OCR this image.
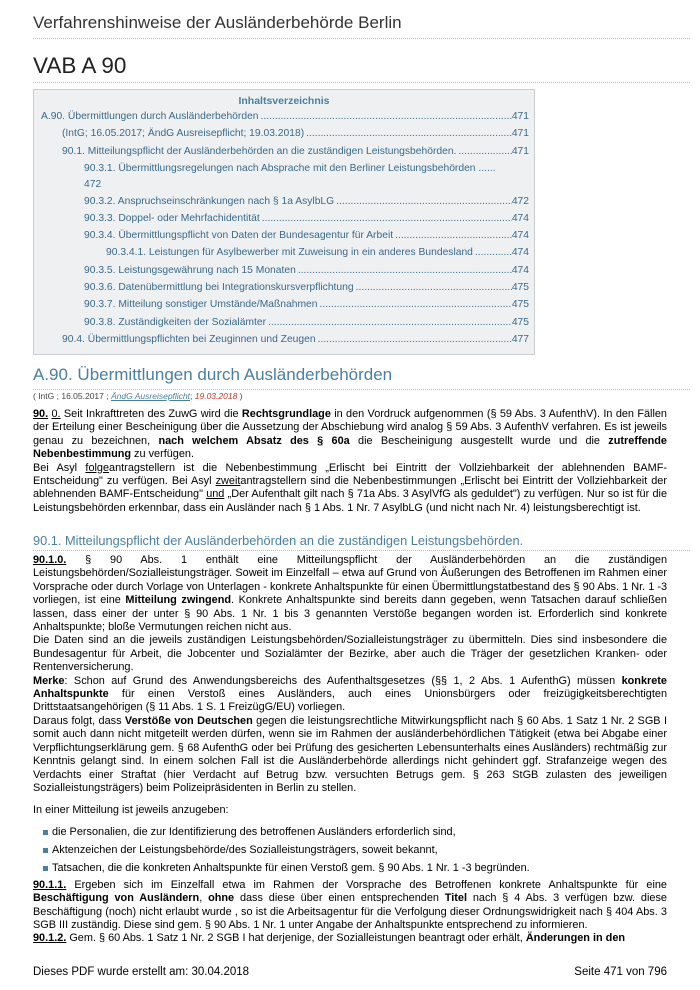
Verfahrenshinweise der Ausländerbehörde Berlin
VAB A 90
Inhaltsverzeichnis
A.90. Übermittlungen durch Ausländerbehörden .....	471
(IntG; 16.05.2017; ÄndG Ausreisepflicht; 19.03.2018) .....	471
90.1. Mitteilungspflicht der Ausländerbehörden an die zuständigen Leistungsbehörden. .....	471
90.3.1. Übermittlungsregelungen nach Absprache mit den Berliner Leistungsbehörden ......
472
90.3.2. Anspruchseinschränkungen nach § 1a AsylbLG .....	472
90.3.3. Doppel- oder Mehrfachidentität .....	474
90.3.4. Übermittlungspflicht von Daten der Bundesagentur für Arbeit .....	474
90.3.4.1. Leistungen für Asylbewerber mit Zuweisung in ein anderes Bundesland .....	474
90.3.5. Leistungsgewährung nach 15 Monaten .....	474
90.3.6. Datenübermittlung bei Integrationskursverpflichtung .....	475
90.3.7. Mitteilung sonstiger Umstände/Maßnahmen .....	475
90.3.8. Zuständigkeiten der Sozialämter .....	475
90.4. Übermittlungspflichten bei Zeuginnen und Zeugen .....	477
A.90. Übermittlungen durch Ausländerbehörden
( IntG ; 16.05.2017 ; ÄndG Ausreisepflicht; 19.03.2018 )
90. 0. Seit Inkrafttreten des ZuwG wird die Rechtsgrundlage in den Vordruck aufgenommen (§ 59 Abs. 3 AufenthV). In den Fällen der Erteilung einer Bescheinigung über die Aussetzung der Abschiebung wird analog § 59 Abs. 3 AufenthV verfahren. Es ist jeweils genau zu bezeichnen, nach welchem Absatz des § 60a die Bescheinigung ausgestellt wurde und die zutreffende Nebenbestimmung zu verfügen.
Bei Asyl folgeantragstellern ist die Nebenbestimmung „Erlischt bei Eintritt der Vollziehbarkeit der ablehnenden BAMF-Entscheidung" zu verfügen. Bei Asyl zweitantragstellern sind die Nebenbestimmungen „Erlischt bei Eintritt der Vollziehbarkeit der ablehnenden BAMF-Entscheidung" und „Der Aufenthalt gilt nach § 71a Abs. 3 AsylVfG als geduldet") zu verfügen. Nur so ist für die Leistungsbehörden erkennbar, dass ein Ausländer nach § 1 Abs. 1 Nr. 7 AsylbLG (und nicht nach Nr. 4) leistungsberechtigt ist.
90.1. Mitteilungspflicht der Ausländerbehörden an die zuständigen Leistungsbehörden.
90.1.0. § 90 Abs. 1 enthält eine Mitteilungspflicht der Ausländerbehörden an die zuständigen Leistungsbehörden/Sozialleistungsträger. Soweit im Einzelfall – etwa auf Grund von Äußerungen des Betroffenen im Rahmen einer Vorsprache oder durch Vorlage von Unterlagen - konkrete Anhaltspunkte für einen Übermittlungstatbestand des § 90 Abs. 1 Nr. 1 -3 vorliegen, ist eine Mitteilung zwingend. Konkrete Anhaltspunkte sind bereits dann gegeben, wenn Tatsachen darauf schließen lassen, dass einer der unter § 90 Abs. 1 Nr. 1 bis 3 genannten Verstöße begangen worden ist. Erforderlich sind konkrete Anhaltspunkte; bloße Vermutungen reichen nicht aus.
Die Daten sind an die jeweils zuständigen Leistungsbehörden/Sozialleistungsträger zu übermitteln. Dies sind insbesondere die Bundesagentur für Arbeit, die Jobcenter und Sozialämter der Bezirke, aber auch die Träger der gesetzlichen Kranken- oder Rentenversicherung.
Merke: Schon auf Grund des Anwendungsbereichs des Aufenthaltsgesetzes (§§ 1, 2 Abs. 1 AufenthG) müssen konkrete Anhaltspunkte für einen Verstoß eines Ausländers, auch eines Unionsbürgers oder freizügigkeitsberechtigten Drittstaatsangehörigen (§ 11 Abs. 1 S. 1 FreizügG/EU) vorliegen.
Daraus folgt, dass Verstöße von Deutschen gegen die leistungsrechtliche Mitwirkungspflicht nach § 60 Abs. 1 Satz 1 Nr. 2 SGB I somit auch dann nicht mitgeteilt werden dürfen, wenn sie im Rahmen der ausländerbehördlichen Tätigkeit (etwa bei Abgabe einer Verpflichtungserklärung gem. § 68 AufenthG oder bei Prüfung des gesicherten Lebensunterhalts eines Ausländers) rechtmäßig zur Kenntnis gelangt sind. In einem solchen Fall ist die Ausländerbehörde allerdings nicht gehindert ggf. Strafanzeige wegen des Verdachts einer Straftat (hier Verdacht auf Betrug bzw. versuchten Betrugs gem. § 263 StGB zulasten des jeweiligen Sozialleistungsträgers) beim Polizeipräsidenten in Berlin zu stellen.
In einer Mitteilung ist jeweils anzugeben:
die Personalien, die zur Identifizierung des betroffenen Ausländers erforderlich sind,
Aktenzeichen der Leistungsbehörde/des Sozialleistungsträgers, soweit bekannt,
Tatsachen, die die konkreten Anhaltspunkte für einen Verstoß gem. § 90 Abs. 1 Nr. 1 -3 begründen.
90.1.1. Ergeben sich im Einzelfall etwa im Rahmen der Vorsprache des Betroffenen konkrete Anhaltspunkte für eine Beschäftigung von Ausländern, ohne dass diese über einen entsprechenden Titel nach § 4 Abs. 3 verfügen bzw. diese Beschäftigung (noch) nicht erlaubt wurde , so ist die Arbeitsagentur für die Verfolgung dieser Ordnungswidrigkeit nach § 404 Abs. 3 SGB III zuständig. Diese sind gem. § 90 Abs. 1 Nr. 1 unter Angabe der Anhaltspunkte entsprechend zu informieren.
90.1.2. Gem. § 60 Abs. 1 Satz 1 Nr. 2 SGB I hat derjenige, der Sozialleistungen beantragt oder erhält, Änderungen in den
Dieses PDF wurde erstellt am: 30.04.2018	Seite 471 von 796
